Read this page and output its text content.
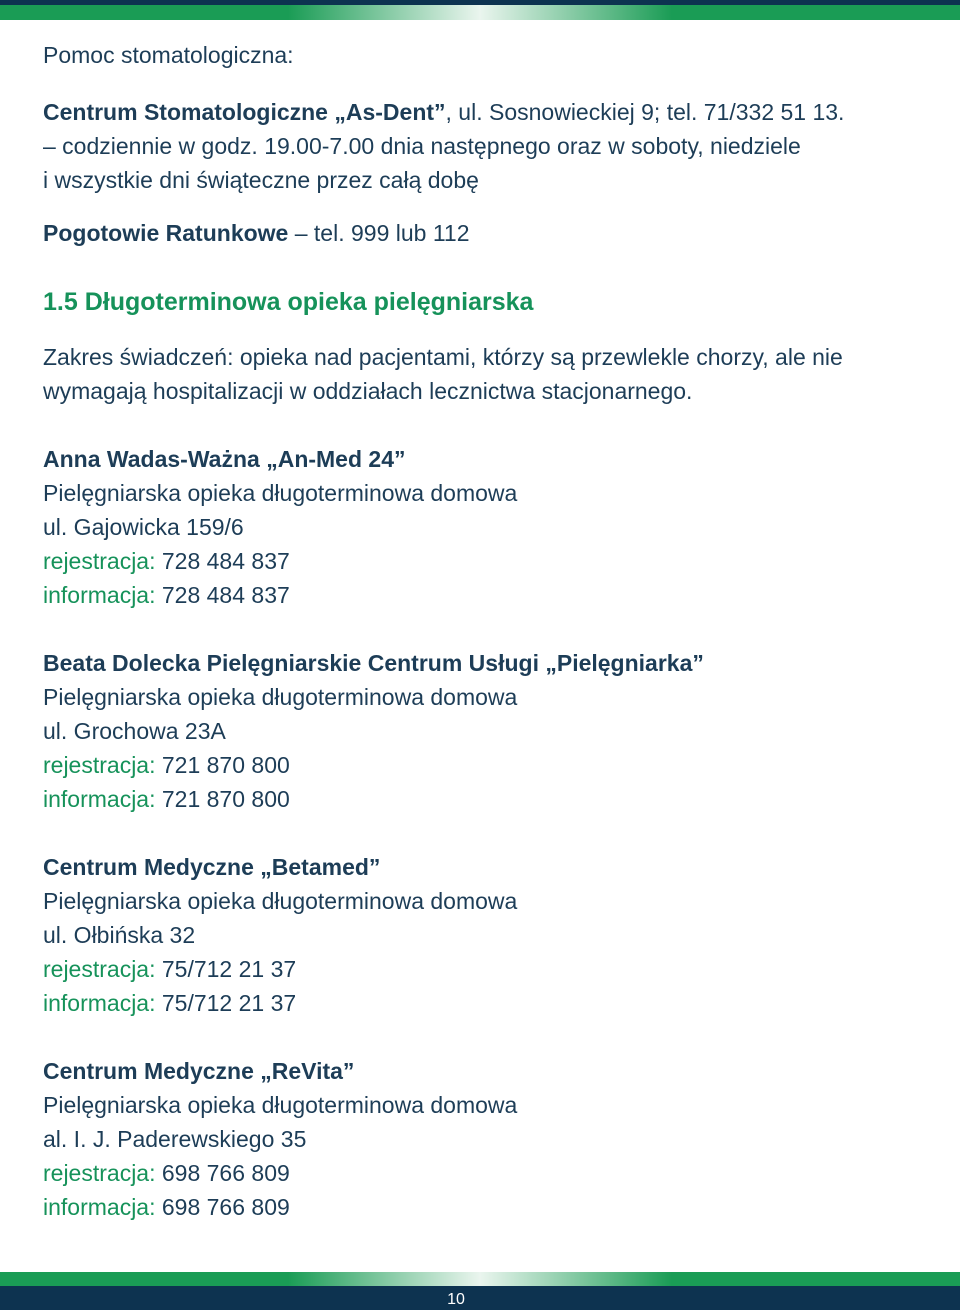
Pomoc stomatologiczna:
Centrum Stomatologiczne „As-Dent”, ul. Sosnowieckiej 9; tel. 71/332 51 13.
– codziennie w godz. 19.00-7.00 dnia następnego oraz w soboty, niedziele
i wszystkie dni świąteczne przez całą dobę
Pogotowie Ratunkowe – tel. 999 lub 112
1.5 Długoterminowa opieka pielęgniarska
Zakres świadczeń: opieka nad pacjentami, którzy są przewlekle chorzy, ale nie wymagają hospitalizacji w oddziałach lecznictwa stacjonarnego.
Anna Wadas-Ważna „An-Med 24”
Pielęgniarska opieka długoterminowa domowa
ul. Gajowicka 159/6
rejestracja: 728 484 837
informacja: 728 484 837
Beata Dolecka Pielęgniarskie Centrum Usługi „Pielęgniarka”
Pielęgniarska opieka długoterminowa domowa
ul. Grochowa 23A
rejestracja: 721 870 800
informacja: 721 870 800
Centrum Medyczne „Betamed”
Pielęgniarska opieka długoterminowa domowa
ul. Ołbińska 32
rejestracja: 75/712 21 37
informacja: 75/712 21 37
Centrum Medyczne „ReVita”
Pielęgniarska opieka długoterminowa domowa
al. I. J. Paderewskiego 35
rejestracja: 698 766 809
informacja: 698 766 809
10
